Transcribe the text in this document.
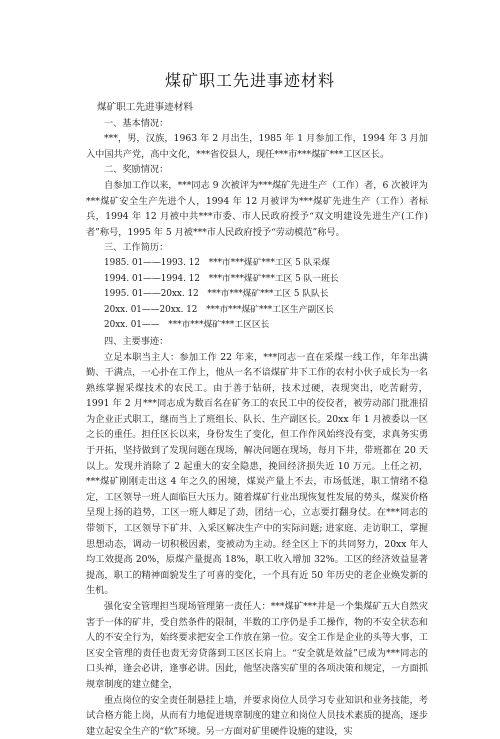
煤矿职工先进事迹材料

煤矿职工先进事迹材料

一、基本情况：

***，男，汉族，1963 年 2 月出生，1985 年 1 月参加工作，1994 年 3 月加入中国共产党，高中文化，***省佼县人，现任***市***煤矿***工区区长。

二、奖励情况：

自参加工作以来，***同志 9 次被评为***煤矿先进生产（工作）者，6 次被评为***煤矿安全生产先进个人，1994 年 12 月被评为***煤矿先进生产（工作）者标兵，1994 年 12 月被中共***市委、市人民政府授予“双文明建设先进生产(工作)者”称号，1995 年 5 月被***市人民政府授予“劳动模范”称号。

三、工作简历：

1985. 01——1993. 12　***市***煤矿***工区 5 队采煤

1994. 01——1994. 12　***市***煤矿***工区 5 队一班长

1995. 01——20xx. 12　***市***煤矿***工区 5 队队长

20xx. 01——20xx. 12　***市***煤矿***工区生产副区长

20xx. 01——　***市***煤矿***工区区长

四、主要事迹：

立足本职当主人：参加工作 22 年来，***同志一直在采煤一线工作，年年出满勤、干满点，一心扑在工作上，他从一名不谙煤矿井下工作的农村小伙子成长为一名熟练掌握采煤技术的农民工。由于善于钻研，技术过硬，表现突出，吃苦耐劳，1991 年 2 月***同志成为数百名在矿务工的农民工中的佼佼者，被劳动部门批准招为企业正式职工，继而当上了班组长、队长、生产副区长。20xx 年 1 月被委以一区之长的重任。担任区长以来，身份发生了变化，但工作作风始终没有变，求真务实勇于开拓，坚持做到了发现问题在现场，解决问题在现场，每月下井，带班都在 20 天以上。发现并消除了 2 起重大的安全隐患，挽回经济损失近 10 万元。上任之初，***煤矿刚刚走出这 4 年之久的困境，煤炭产量上不去，市场低迷，职工情绪不稳定，工区领导一班人面临巨大压力。随着煤矿行业出现恢复性发展的势头，煤炭价格呈现上扬的趋势，工区一班人卿足了劲，团结一心，立志要打翻身仗。在***同志的带领下，工区领导下矿井、入采区解决生产中的实际问题; 进家庭、走访职工，掌握思想动态，调动一切积极因素，变被动为主动。经全区上下的共同努力，20xx 年人均工效提高 20%，原煤产量提高 18%，职工收入增加 32%。工区的经济效益显著提高，职工的精神面貌发生了可喜的变化，一个具有近 50 年历史的老企业焕发新的生机。

强化安全管理担当现场管理第一责任人：***煤矿***井是一个集煤矿五大自然灾害于一体的矿井，受自然条件的限制，半数的工序仍是手工操作，物的不安全状态和人的不安全行为，始终要求把安全工作放在第一位。安全工作是企业的头等大事，工区安全管理的责任也责无旁贷落到工区区长肩上。“安全就是效益”已成为***同志的口头禅，逢会必讲，逢事必讲。因此，他坚决落实矿里的各项决策和规定，一方面抓规章制度的建立健全，

重点岗位的安全责任制悬挂上墙，并要求岗位人员学习专业知识和业务技能，考试合格方能上岗，从而有力地促进规章制度的建立和岗位人员技术素质的提高，逐步建立起安全生产的“软”环境。另一方面对矿里硬件设施的建设，实
